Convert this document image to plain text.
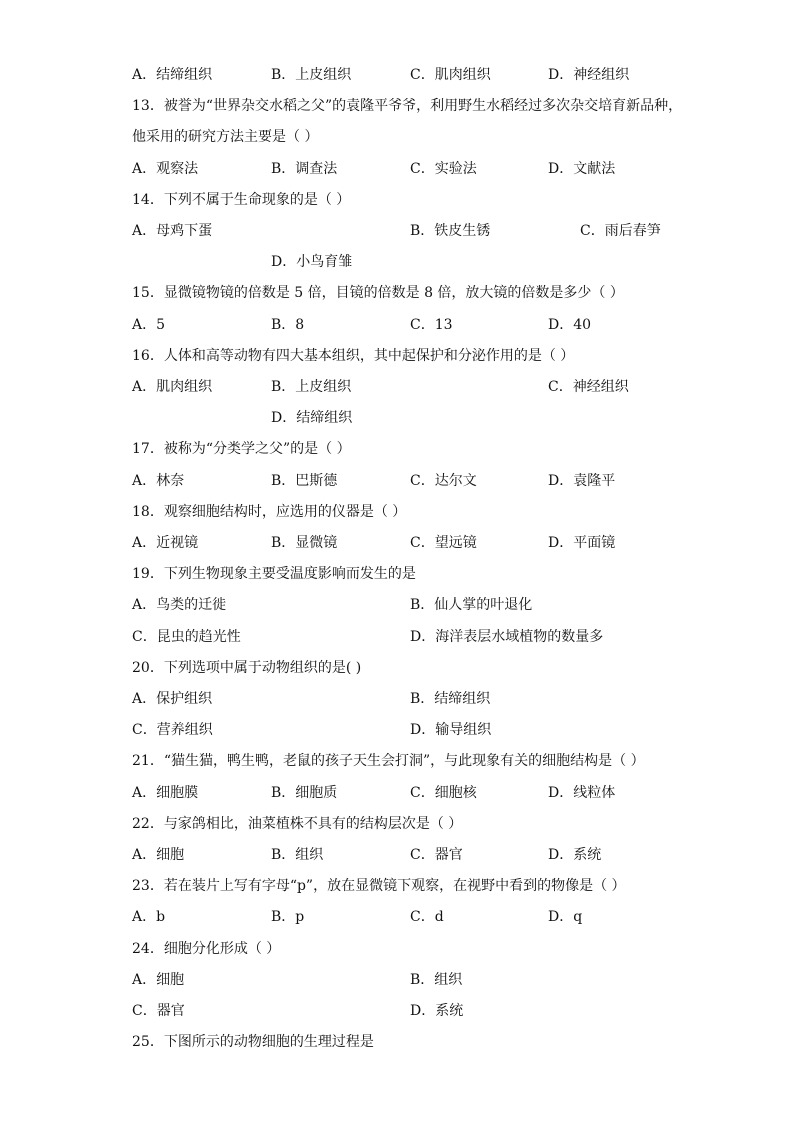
A．结缔组织	B．上皮组织	C．肌肉组织	D．神经组织
13．被誉为“世界杂交水稻之父”的袁隆平爷爷，利用野生水稻经过多次杂交培育新品种，
他采用的研究方法主要是（ ）
A．观察法	B．调查法	C．实验法	D．文献法
14．下列不属于生命现象的是（ ）
A．母鸡下蛋	B．铁皮生锈	C．雨后春笋
D．小鸟育雏
15．显微镜物镜的倍数是 5 倍，目镜的倍数是 8 倍，放大镜的倍数是多少（ ）
A．5	B．8	C．13	D．40
16．人体和高等动物有四大基本组织，其中起保护和分泌作用的是（ ）
A．肌肉组织	B．上皮组织	C．神经组织
D．结缔组织
17．被称为“分类学之父”的是（ ）
A．林奈	B．巴斯德	C．达尔文	D．袁隆平
18．观察细胞结构时，应选用的仪器是（ ）
A．近视镜	B．显微镜	C．望远镜	D．平面镜
19．下列生物现象主要受温度影响而发生的是
A．鸟类的迁徙	B．仙人掌的叶退化
C．昆虫的趋光性	D．海洋表层水域植物的数量多
20．下列选项中属于动物组织的是( )
A．保护组织	B．结缔组织
C．营养组织	D．输导组织
21．“猫生猫，鸭生鸭，老鼠的孩子天生会打洞”，与此现象有关的细胞结构是（ ）
A．细胞膜	B．细胞质	C．细胞核	D．线粒体
22．与家鸽相比，油菜植株不具有的结构层次是（ ）
A．细胞	B．组织	C．器官	D．系统
23．若在装片上写有字母“p”，放在显微镜下观察，在视野中看到的物像是（ ）
A．b	B．p	C．d	D．q
24．细胞分化形成（ ）
A．细胞	B．组织
C．器官	D．系统
25．下图所示的动物细胞的生理过程是
